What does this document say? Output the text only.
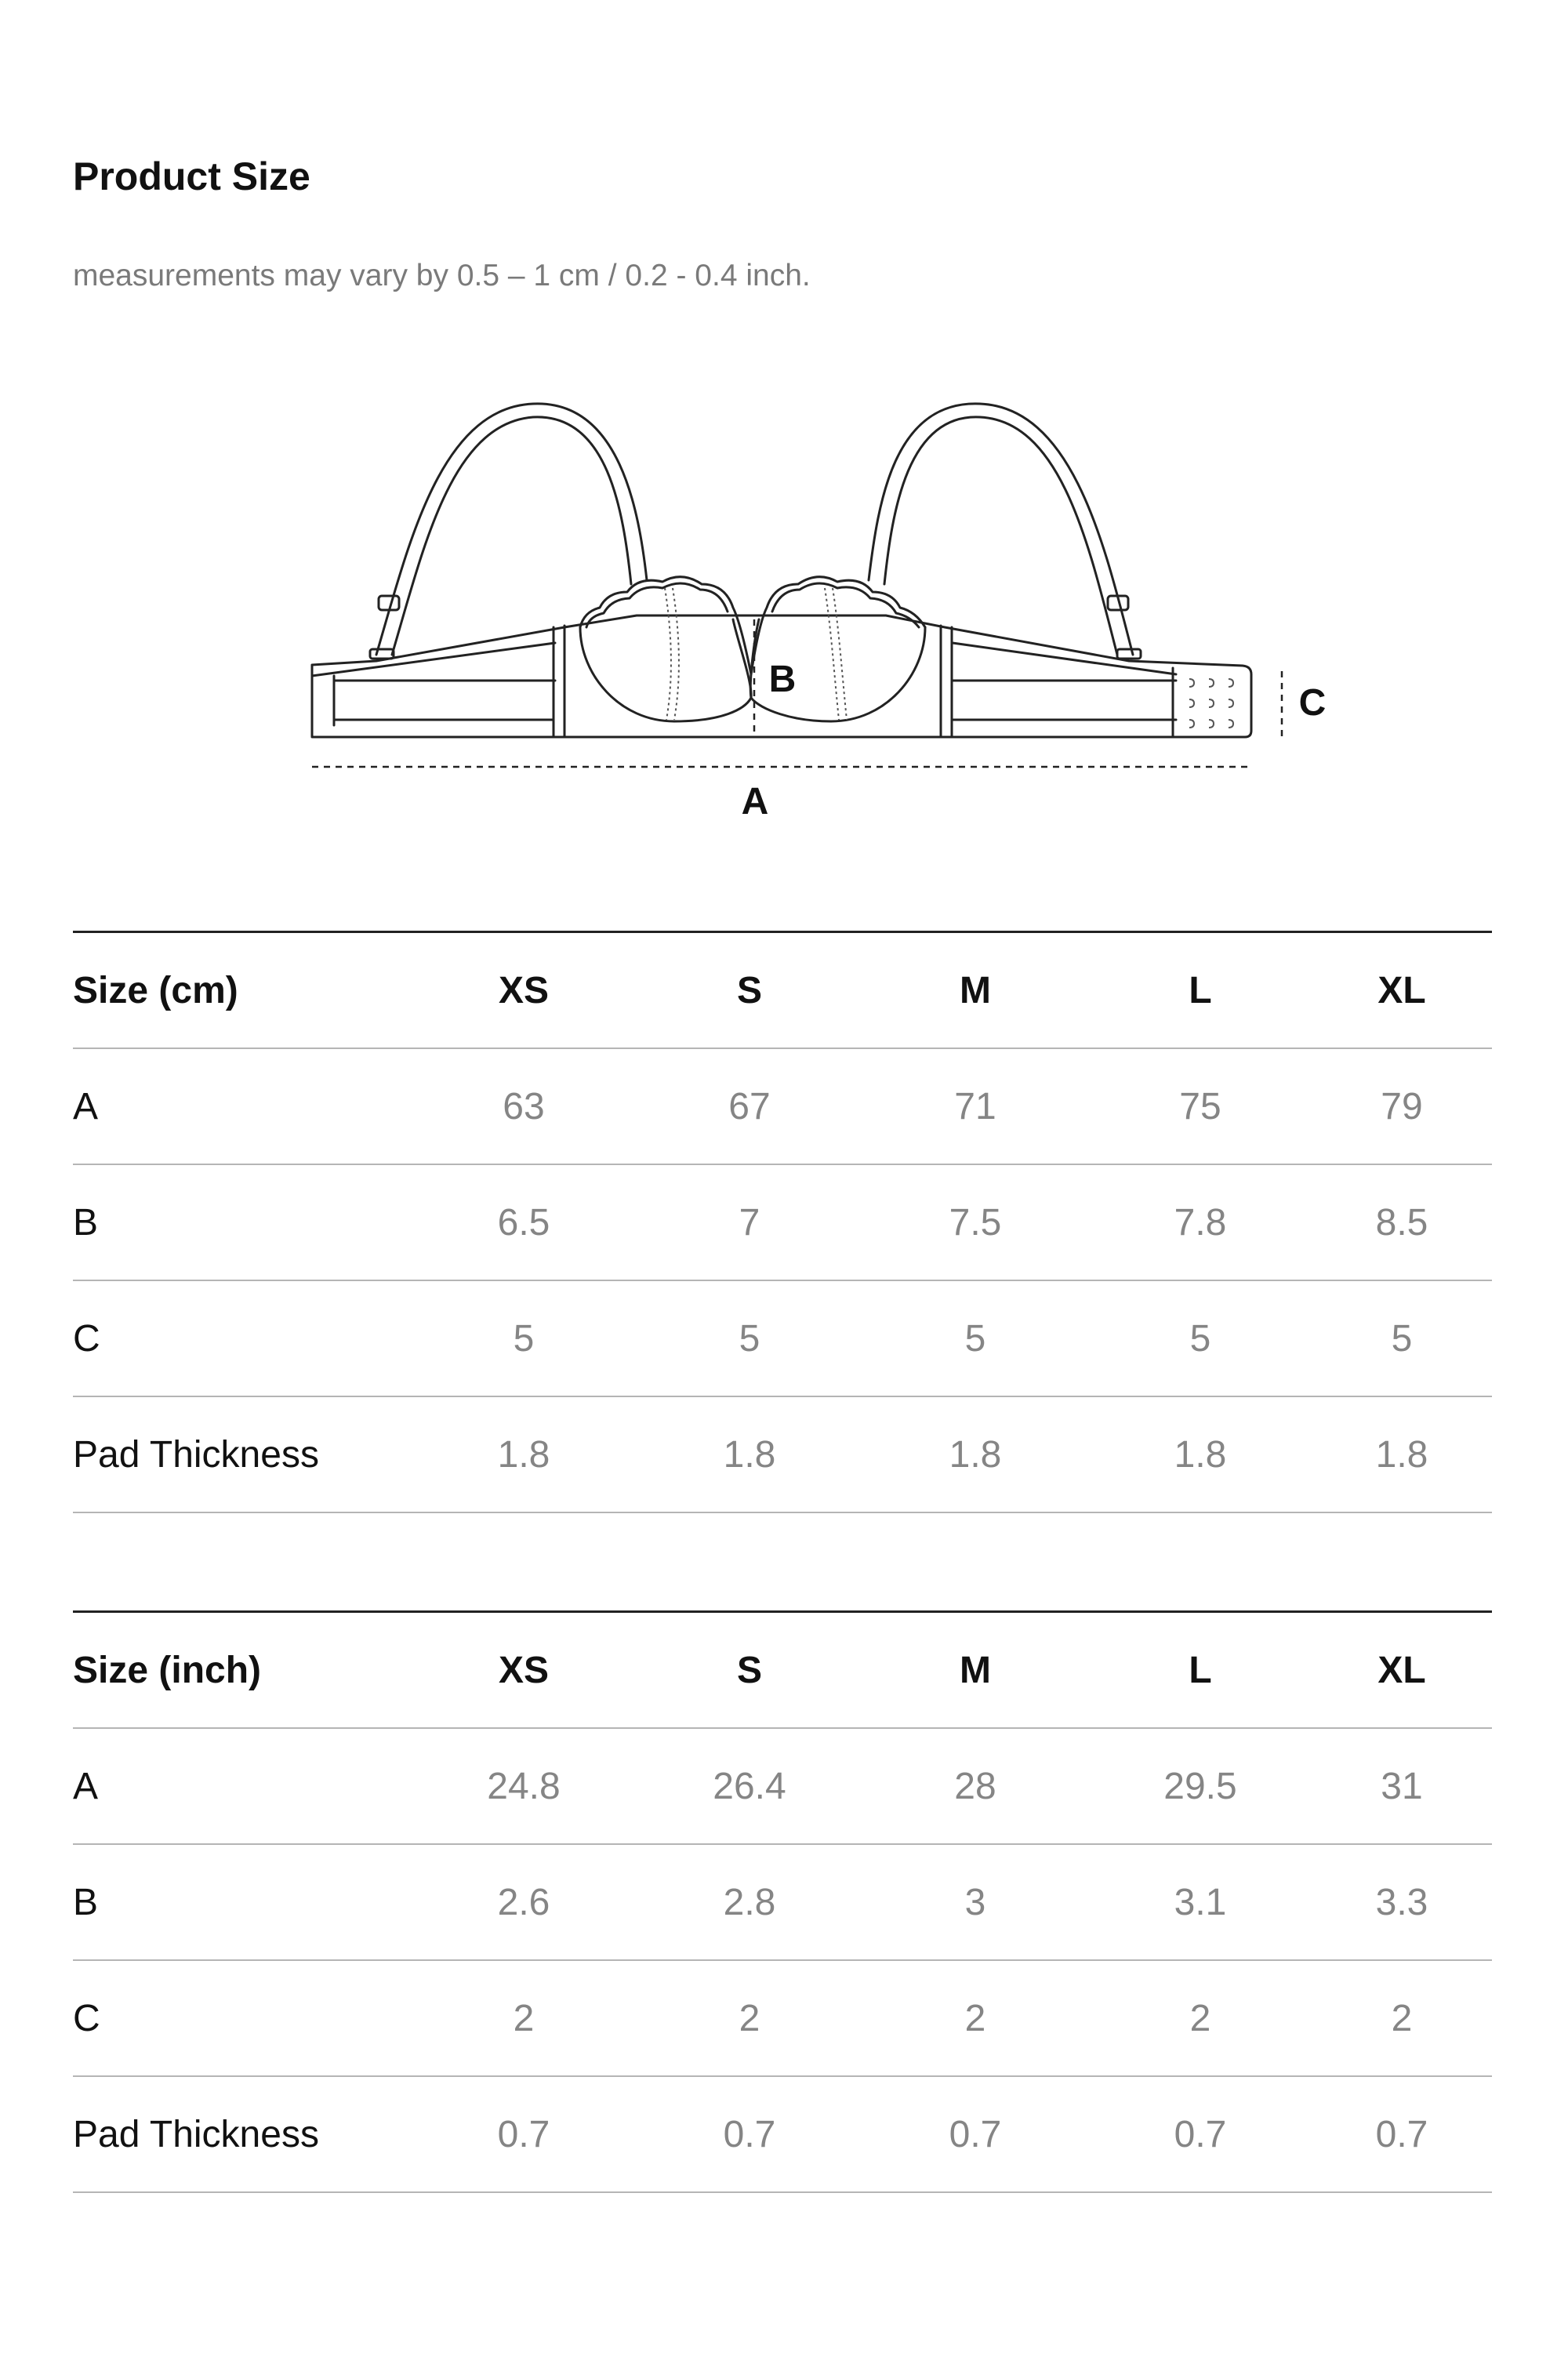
Product Size
measurements may vary by 0.5 – 1 cm / 0.2 - 0.4 inch.
A
B
C
Size (cm)	XS	S	M	L	XL
A	63	67	71	75	79
B	6.5	7	7.5	7.8	8.5
C	5	5	5	5	5
Pad Thickness	1.8	1.8	1.8	1.8	1.8
Size (inch)	XS	S	M	L	XL
A	24.8	26.4	28	29.5	31
B	2.6	2.8	3	3.1	3.3
C	2	2	2	2	2
Pad Thickness	0.7	0.7	0.7	0.7	0.7
